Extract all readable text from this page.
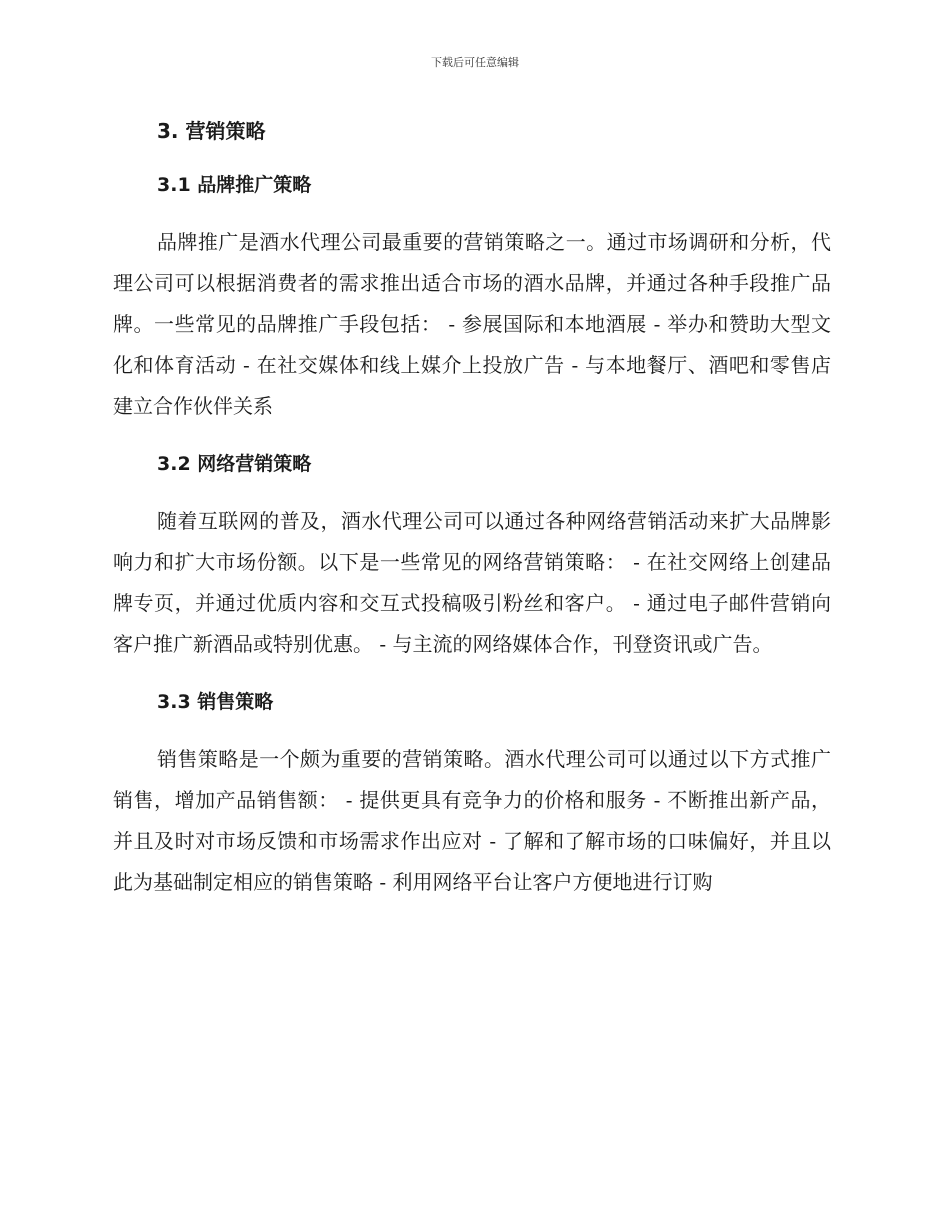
下载后可任意编辑
3. 营销策略
3.1 品牌推广策略

品牌推广是酒水代理公司最重要的营销策略之一。通过市场调研和分析，代理公司可以根据消费者的需求推出适合市场的酒水品牌，并通过各种手段推广品牌。一些常见的品牌推广手段包括： - 参展国际和本地酒展 - 举办和赞助大型文化和体育活动 - 在社交媒体和线上媒介上投放广告 - 与本地餐厅、酒吧和零售店建立合作伙伴关系

3.2 网络营销策略

随着互联网的普及，酒水代理公司可以通过各种网络营销活动来扩大品牌影响力和扩大市场份额。以下是一些常见的网络营销策略： - 在社交网络上创建品牌专页，并通过优质内容和交互式投稿吸引粉丝和客户。 - 通过电子邮件营销向客户推广新酒品或特别优惠。 - 与主流的网络媒体合作，刊登资讯或广告。

3.3 销售策略

销售策略是一个颇为重要的营销策略。酒水代理公司可以通过以下方式推广销售，增加产品销售额： - 提供更具有竞争力的价格和服务 - 不断推出新产品，并且及时对市场反馈和市场需求作出应对 - 了解和了解市场的口味偏好，并且以此为基础制定相应的销售策略 - 利用网络平台让客户方便地进行订购
